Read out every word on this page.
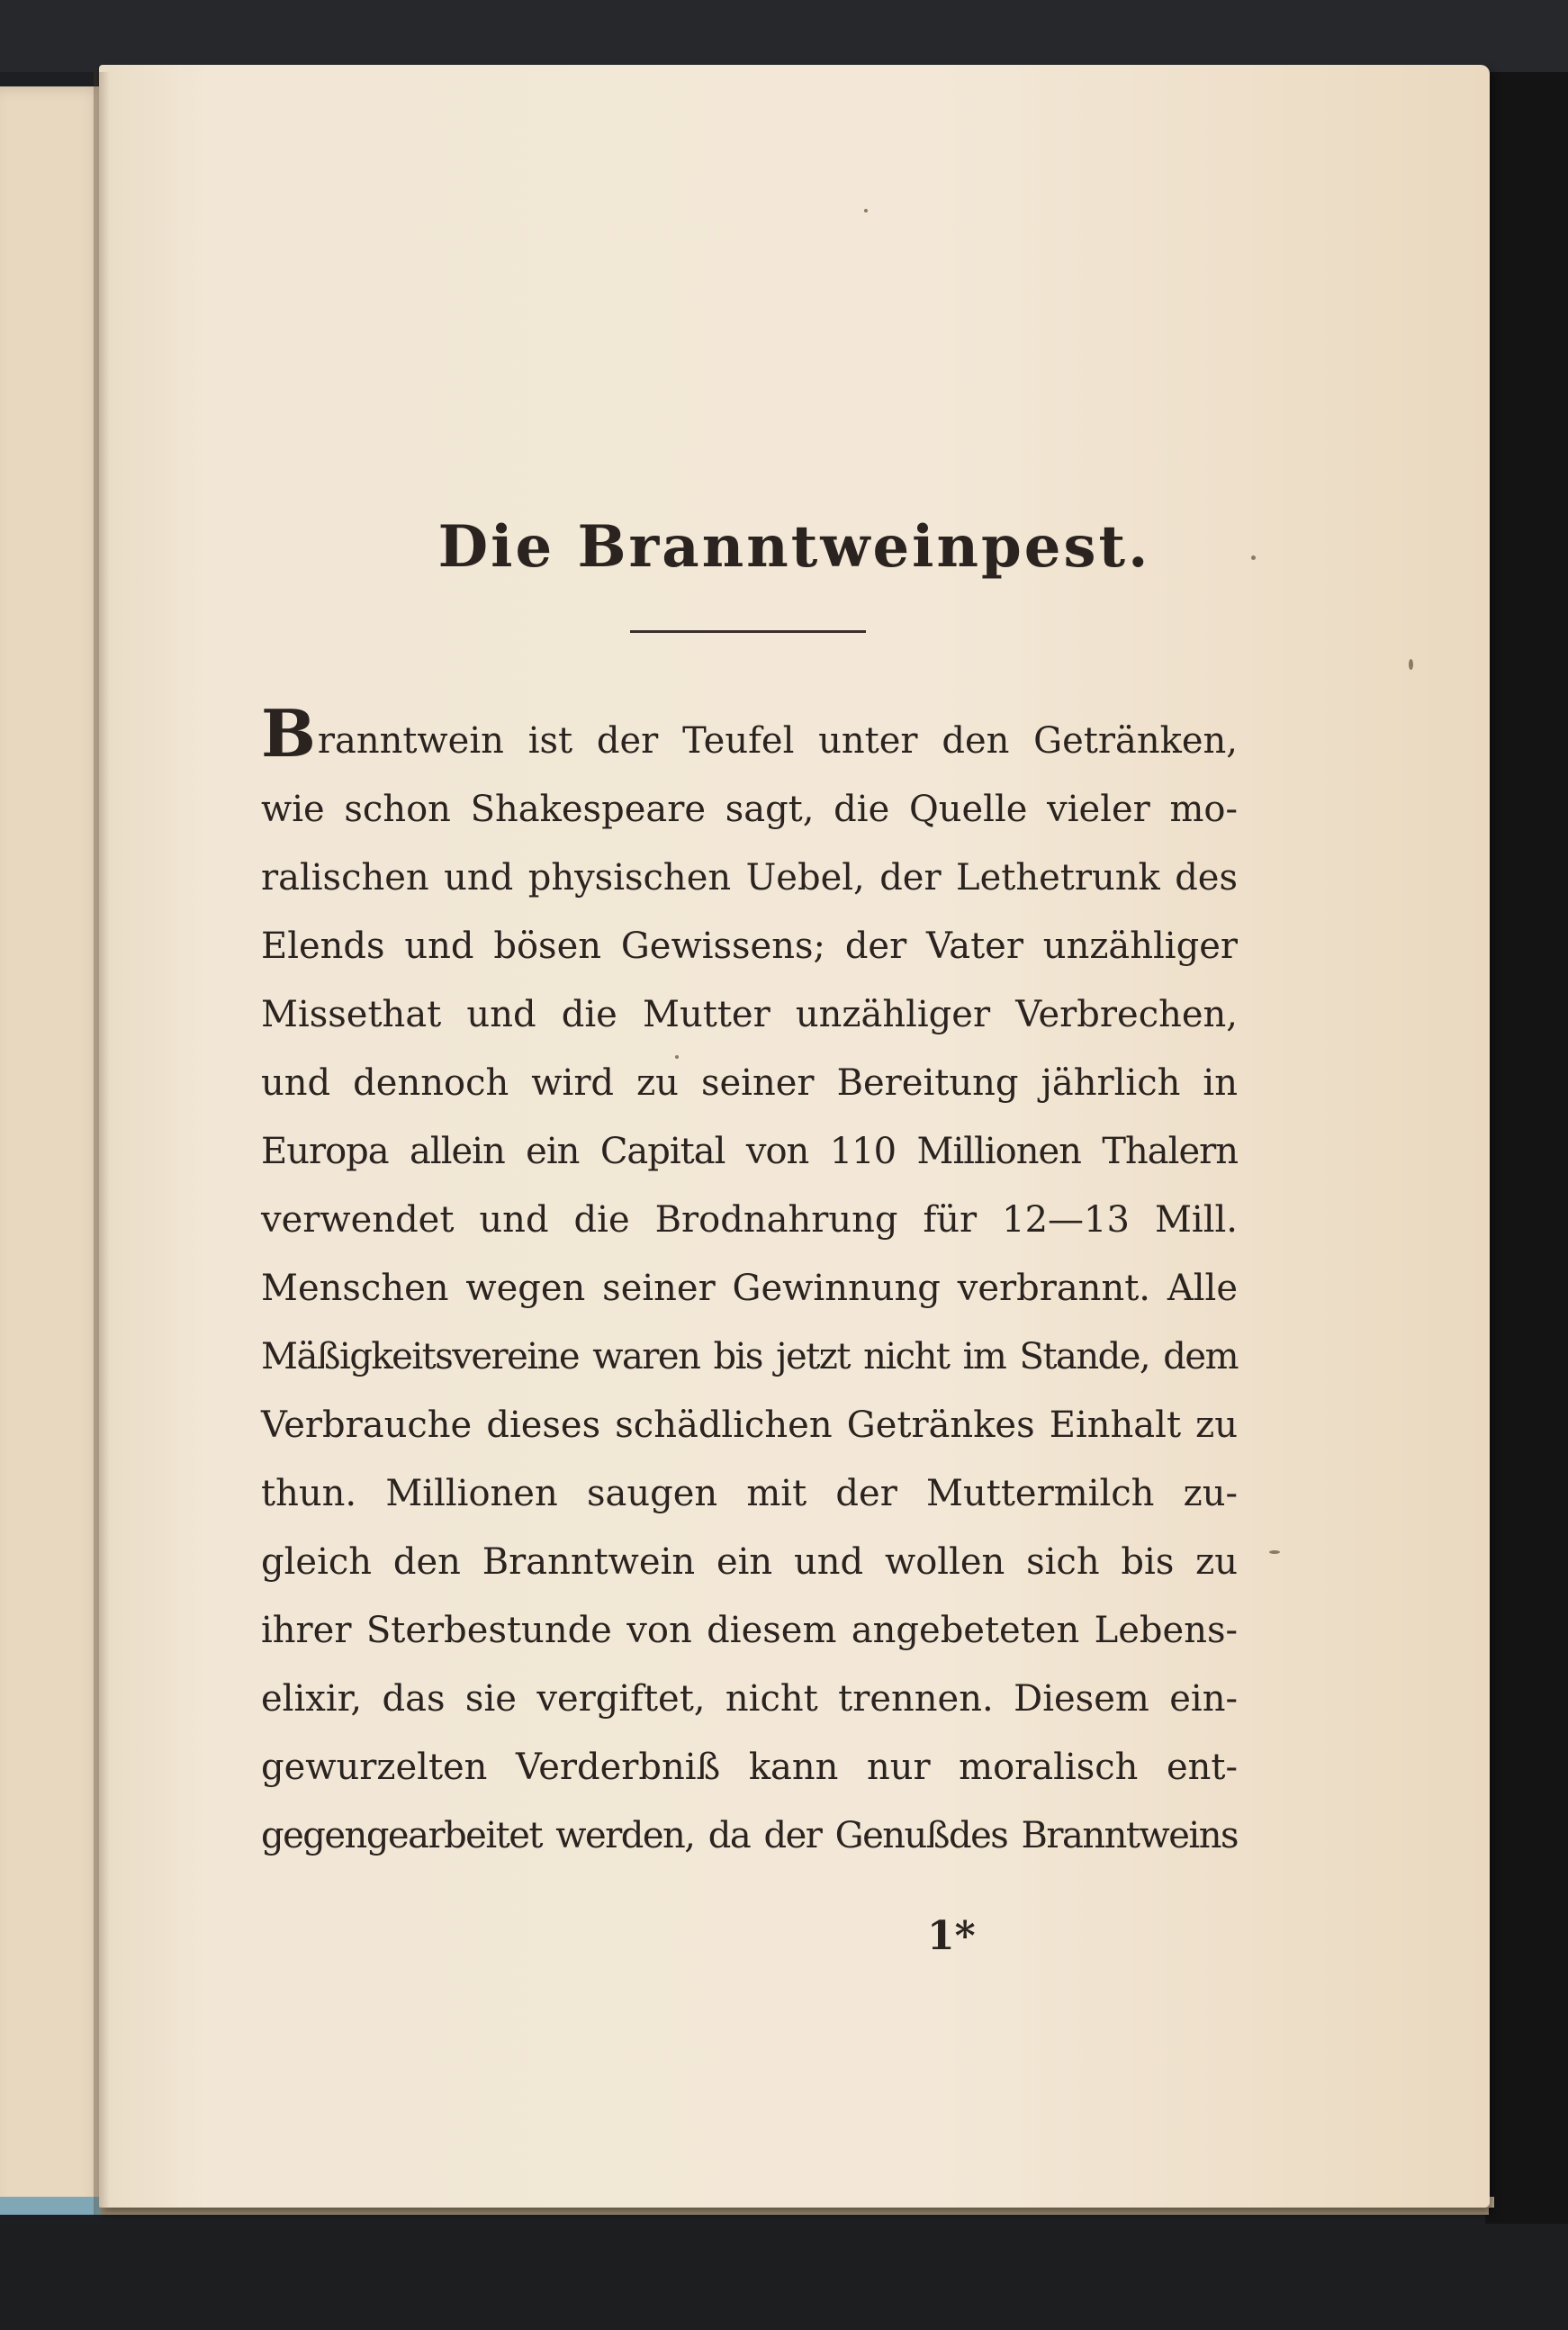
Die Branntweinpest.
Branntwein ist der Teufel unter den Getränken,
wie schon Shakespeare sagt, die Quelle vieler mo-
ralischen und physischen Uebel, der Lethetrunk des
Elends und bösen Gewissens; der Vater unzähliger
Missethat und die Mutter unzähliger Verbrechen,
und dennoch wird zu seiner Bereitung jährlich in
Europa allein ein Capital von 110 Millionen Thalern
verwendet und die Brodnahrung für 12—13 Mill.
Menschen wegen seiner Gewinnung verbrannt. Alle
Mäßigkeitsvereine waren bis jetzt nicht im Stande, dem
Verbrauche dieses schädlichen Getränkes Einhalt zu
thun. Millionen saugen mit der Muttermilch zu-
gleich den Branntwein ein und wollen sich bis zu
ihrer Sterbestunde von diesem angebeteten Lebens-
elixir, das sie vergiftet, nicht trennen. Diesem ein-
gewurzelten Verderbniß kann nur moralisch ent-
gegengearbeitet werden, da der Genußdes Branntweins
1*
